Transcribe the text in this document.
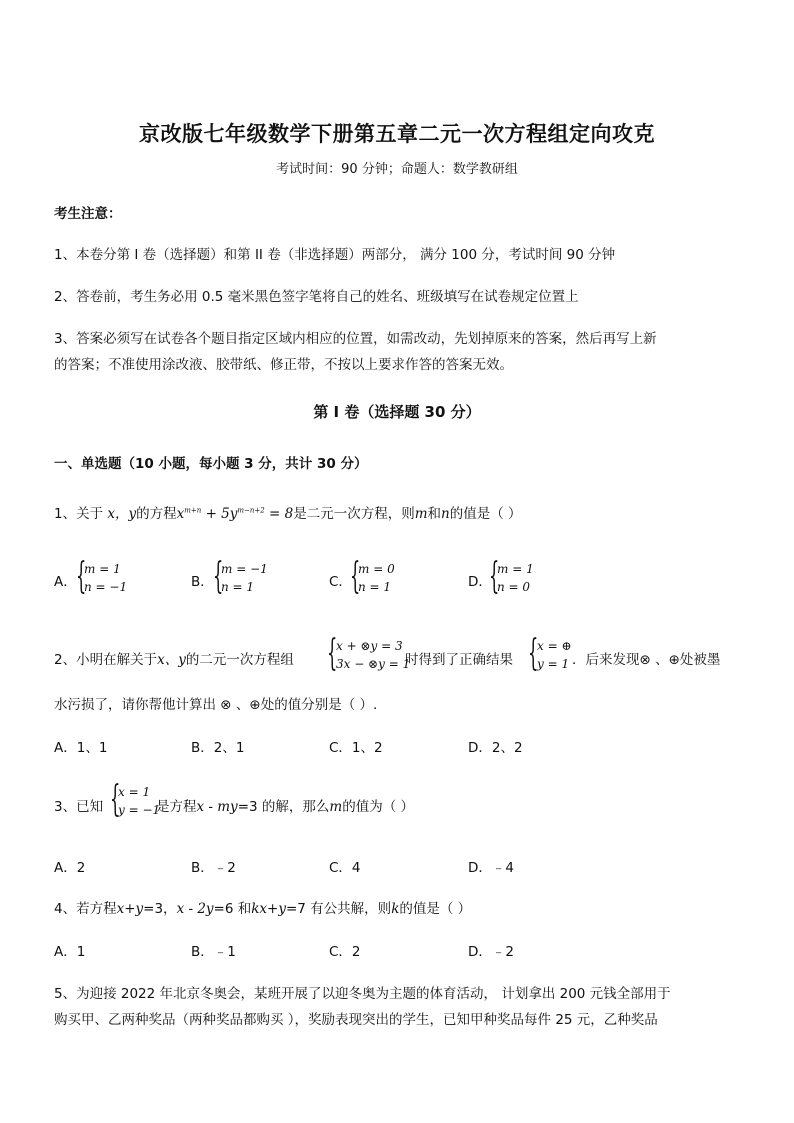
京改版七年级数学下册第五章二元一次方程组定向攻克
考试时间：90 分钟；命题人：数学教研组
考生注意：
1、本卷分第 I 卷（选择题）和第 II 卷（非选择题）两部分， 满分 100 分，考试时间 90 分钟
2、答卷前，考生务必用 0.5 毫米黑色签字笔将自己的姓名、班级填写在试卷规定位置上
3、答案必须写在试卷各个题目指定区域内相应的位置，如需改动，先划掉原来的答案，然后再写上新
的答案；不准使用涂改液、胶带纸、修正带，不按以上要求作答的答案无效。
第 I 卷（选择题 30 分）
一、单选题（10 小题，每小题 3 分，共计 30 分）
1、关于 x，y的方程$x^{m+n} + 5y^{m-n+2} = 8$是二元一次方程，则m和n的值是（ ）
A． {
m = 1
n = −1	B． {
m = −1
n = 1	C．
{
m = 0
n = 1	D．
{
m = 1
n = 0
2、小明在解关于x、y的二元一次方程组 {
x + ⊗y = 3
3x − ⊗y = 1
时得到了正确结果 {
x = ⊕
y = 1 ．后来发现⊗ 、⊕处被墨
水污损了，请你帮他计算出 ⊗ 、⊕处的值分别是（ ）.
A．1、1	B．2、1	C．1、2	D．2、2
3、已知 {
x = 1
y = −1
是方程x - my=3 的解，那么m的值为（ ）
A．2	B．﹣2	C．4	D．﹣4
4、若方程x+y=3，x - 2y=6 和kx+y=7 有公共解，则k的值是（ ）
A．1	B．﹣1	C．2	D．﹣2
5、为迎接 2022 年北京冬奥会，某班开展了以迎冬奥为主题的体育活动， 计划拿出 200 元钱全部用于
购买甲、乙两种奖品（两种奖品都购买 ），奖励表现突出的学生，已知甲种奖品每件 25 元，乙种奖品
